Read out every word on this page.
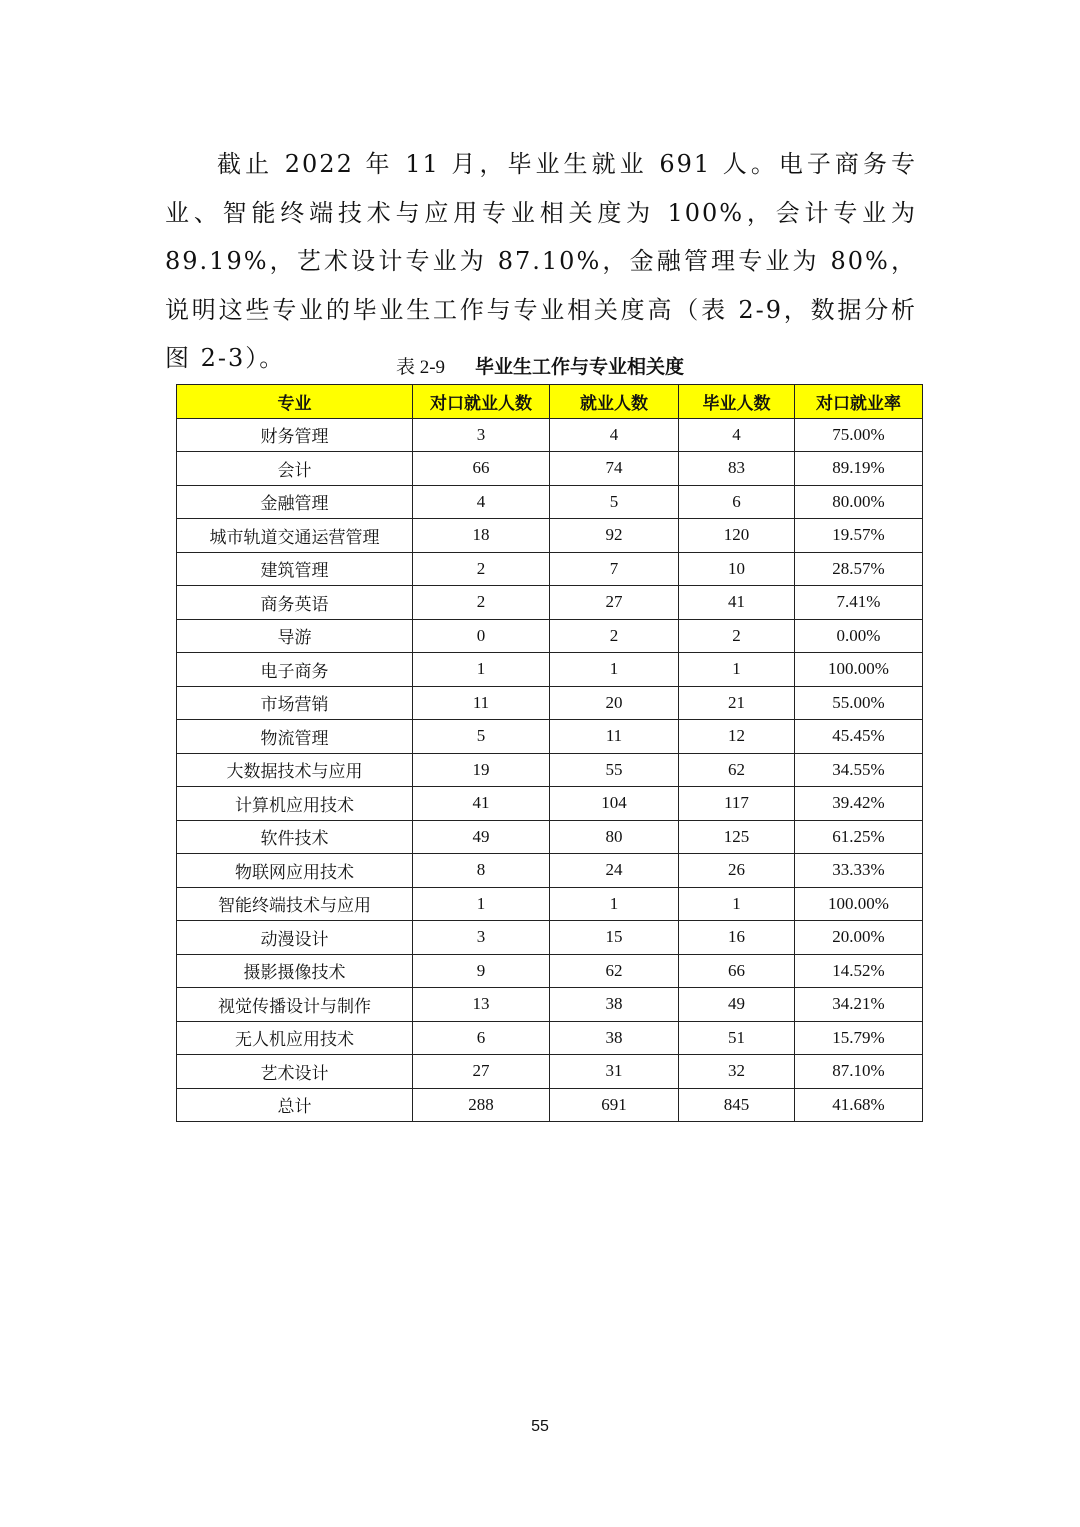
截止 2022 年 11 月，毕业生就业 691 人。电子商务专业、智能终端技术与应用专业相关度为 100%，会计专业为 89.19%，艺术设计专业为 87.10%，金融管理专业为 80%，说明这些专业的毕业生工作与专业相关度高（表 2-9，数据分析图 2-3）。	表 2-9 毕业生工作与专业相关度
专业	对口就业人数	就业人数	毕业人数	对口就业率
财务管理	3	4	4	75.00%
会计	66	74	83	89.19%
金融管理	4	5	6	80.00%
城市轨道交通运营管理	18	92	120	19.57%
建筑管理	2	7	10	28.57%
商务英语	2	27	41	7.41%
导游	0	2	2	0.00%
电子商务	1	1	1	100.00%
市场营销	11	20	21	55.00%
物流管理	5	11	12	45.45%
大数据技术与应用	19	55	62	34.55%
计算机应用技术	41	104	117	39.42%
软件技术	49	80	125	61.25%
物联网应用技术	8	24	26	33.33%
智能终端技术与应用	1	1	1	100.00%
动漫设计	3	15	16	20.00%
摄影摄像技术	9	62	66	14.52%
视觉传播设计与制作	13	38	49	34.21%
无人机应用技术	6	38	51	15.79%
艺术设计	27	31	32	87.10%
总计	288	691	845	41.68%
55
